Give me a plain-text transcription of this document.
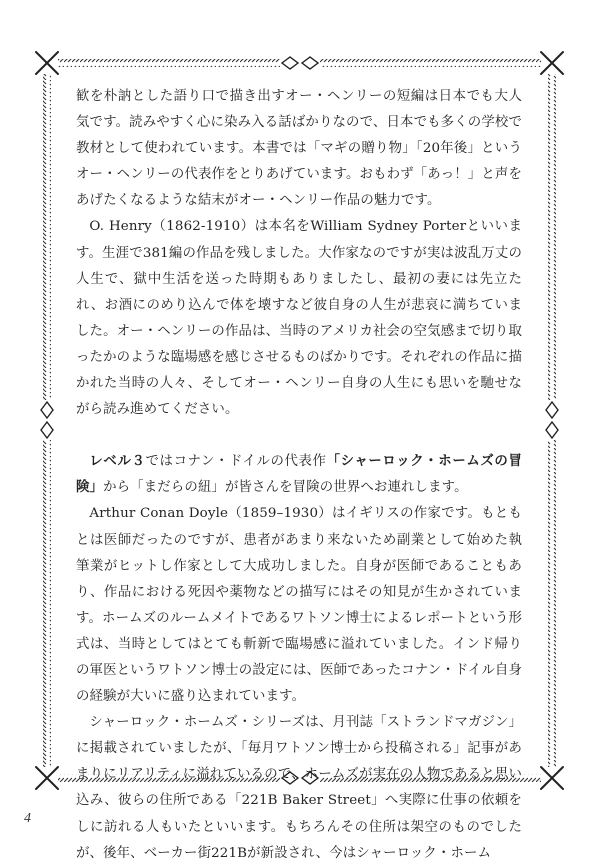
歓を朴訥とした語り口で描き出すオー・ヘンリーの短編は日本でも大人気です。読みやすく心に染み入る話ばかりなので、日本でも多くの学校で教材として使われています。本書では「マギの贈り物」「20年後」というオー・ヘンリーの代表作をとりあげています。おもわず「あっ！」と声をあげたくなるような結末がオー・ヘンリー作品の魅力です。

O. Henry（1862-1910）は本名をWilliam Sydney Porterといいます。生涯で381編の作品を残しました。大作家なのですが実は波乱万丈の人生で、獄中生活を送った時期もありましたし、最初の妻には先立たれ、お酒にのめり込んで体を壊すなど彼自身の人生が悲哀に満ちていました。オー・ヘンリーの作品は、当時のアメリカ社会の空気感まで切り取ったかのような臨場感を感じさせるものばかりです。それぞれの作品に描かれた当時の人々、そしてオー・ヘンリー自身の人生にも思いを馳せながら読み進めてください。

レベル３ではコナン・ドイルの代表作「シャーロック・ホームズの冒険」から「まだらの紐」が皆さんを冒険の世界へお連れします。

Arthur Conan Doyle（1859–1930）はイギリスの作家です。もともとは医師だったのですが、患者があまり来ないため副業として始めた執筆業がヒットし作家として大成功しました。自身が医師であることもあり、作品における死因や薬物などの描写にはその知見が生かされています。ホームズのルームメイトであるワトソン博士によるレポートという形式は、当時としてはとても斬新で臨場感に溢れていました。インド帰りの軍医というワトソン博士の設定には、医師であったコナン・ドイル自身の経験が大いに盛り込まれています。

シャーロック・ホームズ・シリーズは、月刊誌「ストランドマガジン」に掲載されていましたが、「毎月ワトソン博士から投稿される」記事があまりにリアリティに溢れているので、ホームズが実在の人物であると思い込み、彼らの住所である「221B Baker Street」へ実際に仕事の依頼をしに訪れる人もいたといいます。もちろんその住所は架空のものでしたが、後年、ベーカー街221Bが新設され、今はシャーロック・ホーム

4
